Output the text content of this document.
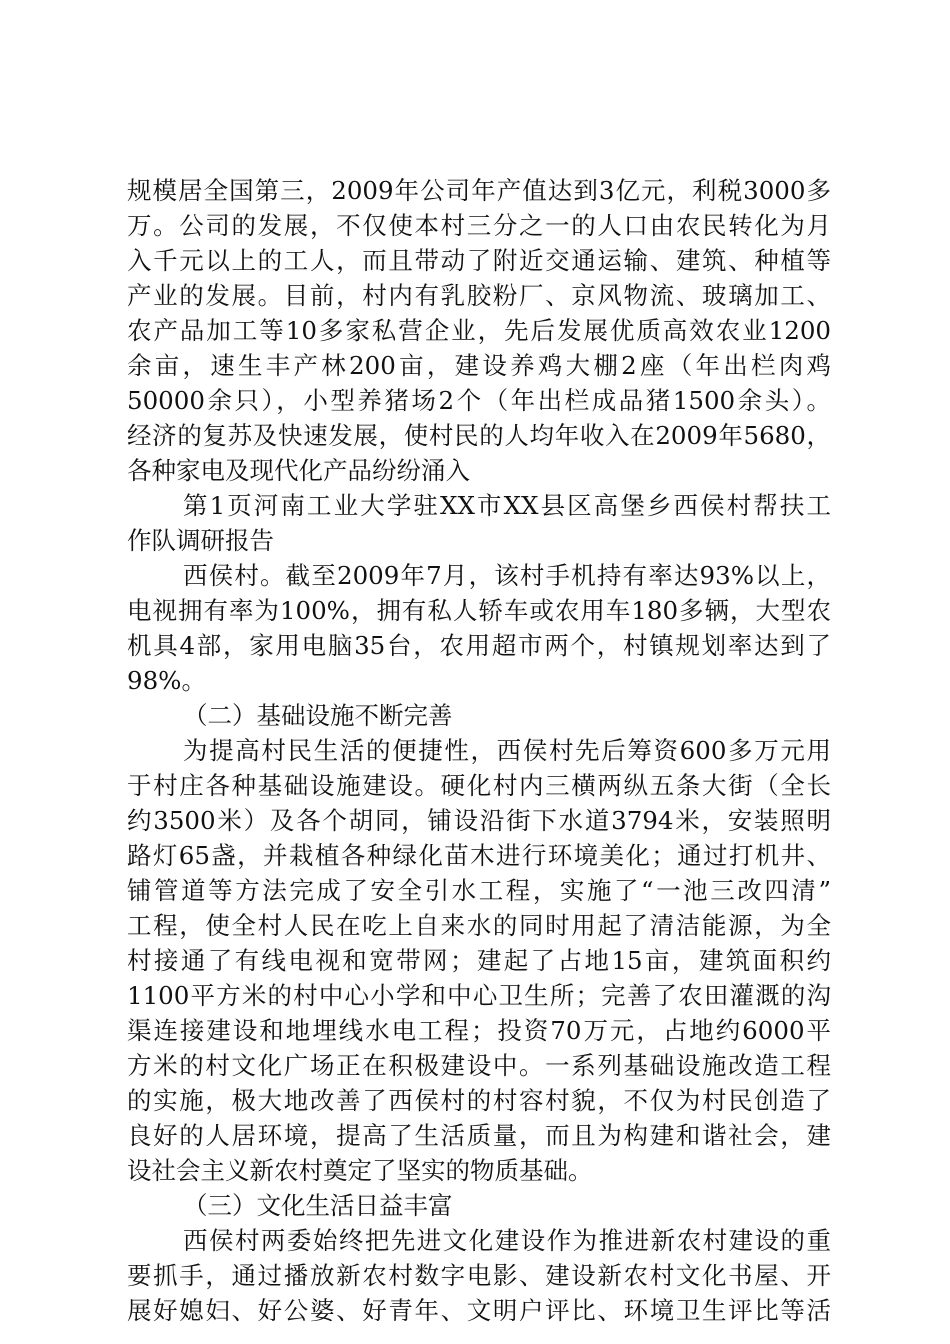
规模居全国第三，2009年公司年产值达到3亿元，利税3000多
万。公司的发展，不仅使本村三分之一的人口由农民转化为月
入千元以上的工人，而且带动了附近交通运输、建筑、种植等
产业的发展。目前，村内有乳胶粉厂、京风物流、玻璃加工、
农产品加工等10多家私营企业，先后发展优质高效农业1200
余亩，速生丰产林200亩，建设养鸡大棚2座（年出栏肉鸡
50000余只），小型养猪场2个（年出栏成品猪1500余头）。
经济的复苏及快速发展，使村民的人均年收入在2009年5680，
各种家电及现代化产品纷纷涌入
第1页河南工业大学驻XX市XX县区高堡乡西侯村帮扶工
作队调研报告
西侯村。截至2009年7月，该村手机持有率达93%以上，
电视拥有率为100%，拥有私人轿车或农用车180多辆，大型农
机具4部，家用电脑35台，农用超市两个，村镇规划率达到了
98%。
（二）基础设施不断完善
为提高村民生活的便捷性，西侯村先后筹资600多万元用
于村庄各种基础设施建设。硬化村内三横两纵五条大街（全长
约3500米）及各个胡同，铺设沿街下水道3794米，安装照明
路灯65盏，并栽植各种绿化苗木进行环境美化；通过打机井、
铺管道等方法完成了安全引水工程，实施了“一池三改四清”
工程，使全村人民在吃上自来水的同时用起了清洁能源，为全
村接通了有线电视和宽带网；建起了占地15亩，建筑面积约
1100平方米的村中心小学和中心卫生所；完善了农田灌溉的沟
渠连接建设和地埋线水电工程；投资70万元，占地约6000平
方米的村文化广场正在积极建设中。一系列基础设施改造工程
的实施，极大地改善了西侯村的村容村貌，不仅为村民创造了
良好的人居环境，提高了生活质量，而且为构建和谐社会，建
设社会主义新农村奠定了坚实的物质基础。
（三）文化生活日益丰富
西侯村两委始终把先进文化建设作为推进新农村建设的重
要抓手，通过播放新农村数字电影、建设新农村文化书屋、开
展好媳妇、好公婆、好青年、文明户评比、环境卫生评比等活
